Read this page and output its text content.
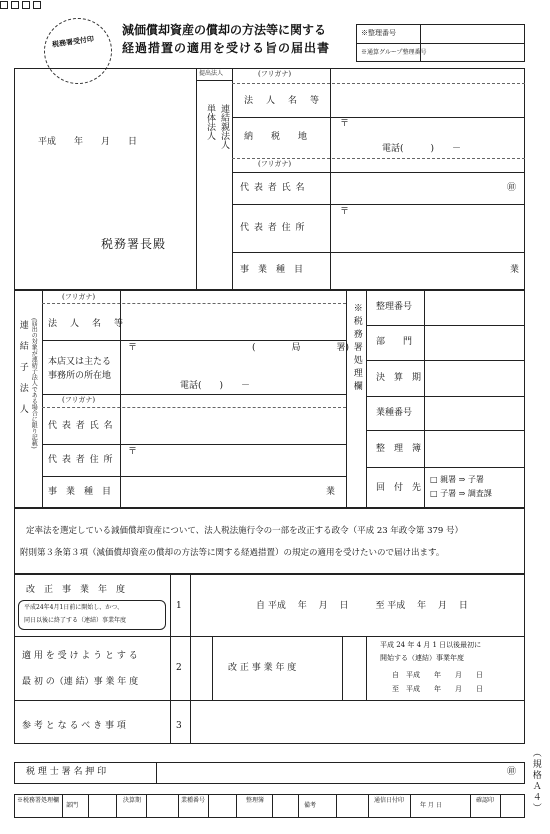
税務署受付印
減価償却資産の償却の方法等に関する
経過措置の適用を受ける旨の届出書
※整理番号
※通算グループ整理番号
平成　　年　　月　　日
税務署長殿
提出法人

単体法人 連結親法人
(フリガナ)
法　人　名　等
納　　税　　地
〒
電話(　　　)　　－
(フリガナ)
代 表 者 氏 名	㊞
代 表 者 住 所
〒
事　業　種　目	業
連結子法人 (届出の対象が連結子法人である場合に限り記載)
(フリガナ)
法　人　名　等
本店又は主たる事務所の所在地
〒	(　　　　局　　　　署)
電話(　　)　　－
(フリガナ)
代 表 者 氏 名
代 表 者 住 所
〒
事　業　種　目	業
※税務署処理欄 整理番号
部　　門
決　算　期
業種番号
整　理　簿
回　付　先
□ 親署 ⇒ 子署
□ 子署 ⇒ 調査課
定率法を選定している減価償却資産について、法人税法施行令の一部を改正する政令（平成 23 年政令第 379 号）
附則第３条第３項（減価償却資産の償却の方法等に関する経過措置）の規定の適用を受けたいので届け出ます。
改　正　事　業　年　度
平成24年4月1日前に開始し、かつ、
同日以後に終了する（連結）事業年度
1	自 平成　 年　 月　 日　　　至 平成　 年　 月　 日
適 用 を 受 け よ う と す る
最 初 の（連 結）事 業 年 度
2
	改 正 事 業 年 度
平成 24 年 4 月 1 日以後最初に
開始する（連結）事業年度
自　平成　　年　　月　　日
至　平成　　年　　月　　日
参 考 と な る べ き 事 項	3
税 理 士 署 名 押 印	㊞
※税務署処理欄
部門
決算期	業種番号	整理簿
備考
通信日付印
年 月 日
確認印	（規格Ａ４）
